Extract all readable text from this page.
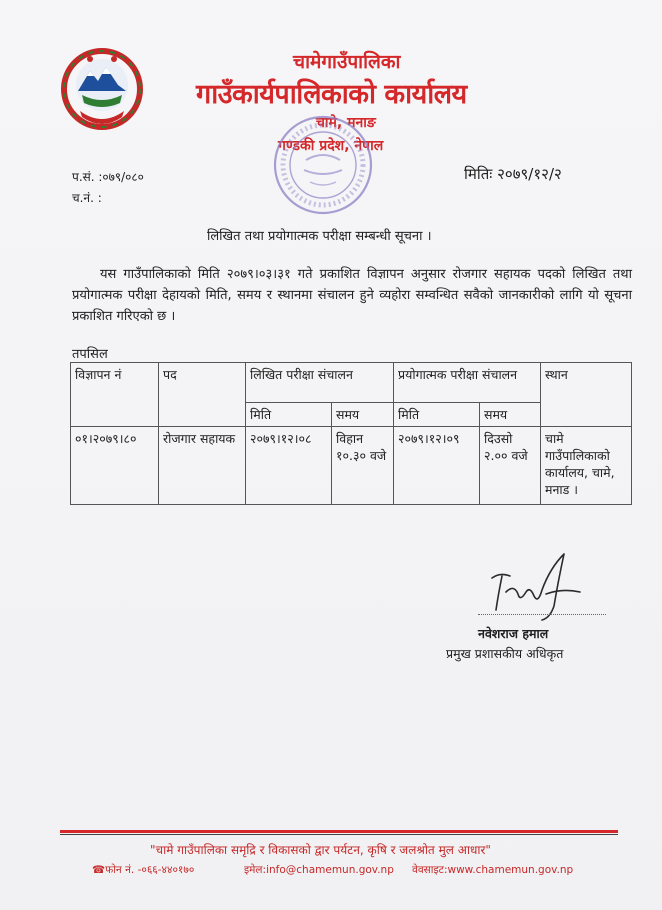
चामेगाउँपालिका
गाउँकार्यपालिकाको कार्यालय
चामे, मनाङ
गण्डकी प्रदेश, नेपाल
प.सं. :०७९/०८०
च.नं. :
मितिः २०७९/१२/२
लिखित तथा प्रयोगात्मक परीक्षा सम्बन्धी सूचना ।
यस गाउँपालिकाको मिति २०७९।०३।३१ गते प्रकाशित विज्ञापन अनुसार रोजगार सहायक पदको लिखित तथा प्रयोगात्मक परीक्षा देहायको मिति, समय र स्थानमा संचालन हुने व्यहोरा सम्वन्धित सवैको जानकारीको लागि यो सूचना प्रकाशित गरिएको छ ।
तपसिल
विज्ञापन नं	पद	लिखित परीक्षा संचालन		प्रयोगात्मक परीक्षा संचालन		स्थान
		मिति	समय	मिति	समय	
०१।२०७९।८०	रोजगार सहायक	२०७९।१२।०८	विहान १०.३० वजे	२०७९।१२।०९	दिउसो २.०० वजे	चामे गाउँपालिकाको कार्यालय, चामे, मनाड ।
नवेशराज हमाल
प्रमुख प्रशासकीय अधिकृत
"चामे गाउँपालिका समृद्रि र विकासको द्वार पर्यटन, कृषि र जलश्रोत मुल आधार"
☎फोन नं. -०६६-४४०१७०	इमेल:info@chamemun.gov.np वेवसाइट:www.chamemun.gov.np
